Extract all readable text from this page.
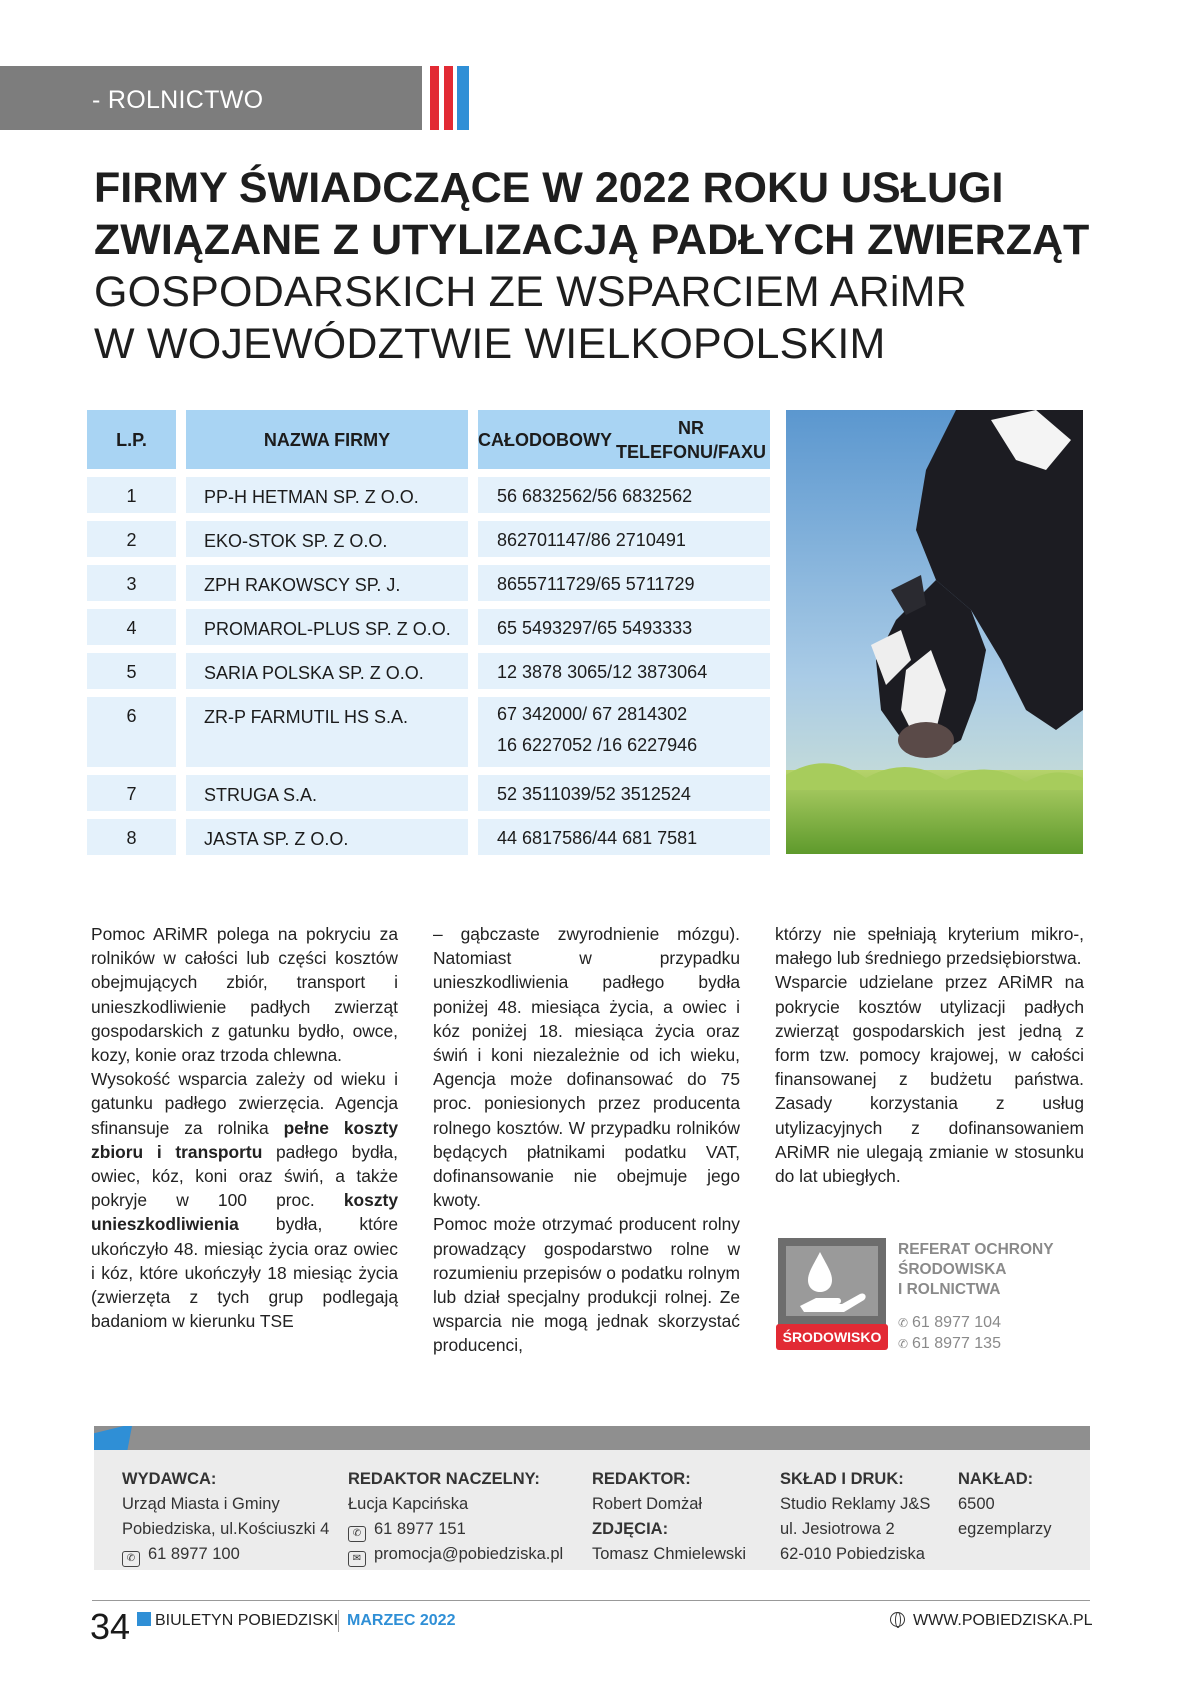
- ROLNICTWO
FIRMY ŚWIADCZĄCE W 2022 ROKU USŁUGI
ZWIĄZANE Z UTYLIZACJĄ PADŁYCH ZWIERZĄT
GOSPODARSKICH ZE WSPARCIEM ARiMR
W WOJEWÓDZTWIE WIELKOPOLSKIM
L.P.	NAZWA FIRMY	CAŁODOBOWY
NR TELEFONU/FAXU
1	PP-H HETMAN SP. Z O.O.	56 6832562/56 6832562
2	EKO-STOK SP. Z O.O.	862701147/86 2710491
3	ZPH RAKOWSCY SP. J.	8655711729/65 5711729
4	PROMAROL-PLUS SP. Z O.O.	65 5493297/65 5493333
5	SARIA POLSKA SP. Z O.O.	12 3878 3065/12 3873064
6	ZR-P FARMUTIL HS S.A.	67 342000/ 67 2814302
16 6227052 /16 6227946
7	STRUGA S.A.	52 3511039/52 3512524
8	JASTA SP. Z O.O.	44 6817586/44 681 7581

Pomoc ARiMR polega na pokryciu za rolników w całości lub części kosztów obejmujących zbiór, transport i unieszkodliwienie padłych zwierząt gospodarskich z gatunku bydło, owce, kozy, konie oraz trzoda chlewna.

Wysokość wsparcia zależy od wieku i gatunku padłego zwierzęcia. Agencja sfinansuje za rolnika pełne koszty zbioru i transportu padłego bydła, owiec, kóz, koni oraz świń, a także pokryje w 100 proc. koszty unieszkodliwienia bydła, które ukończyło 48. miesiąc życia oraz owiec i kóz, które ukończyły 18 miesiąc życia (zwierzęta z tych grup podlegają badaniom w kierunku TSE

– gąbczaste zwyrodnienie mózgu). Natomiast w przypadku unieszkodliwienia padłego bydła poniżej 48. miesiąca życia, a owiec i kóz poniżej 18. miesiąca życia oraz świń i koni niezależnie od ich wieku, Agencja może dofinansować do 75 proc. poniesionych przez producenta rolnego kosztów. W przypadku rolników będących płatnikami podatku VAT, dofinansowanie nie obejmuje jego kwoty.

Pomoc może otrzymać producent rolny prowadzący gospodarstwo rolne w rozumieniu przepisów o podatku rolnym lub dział specjalny produkcji rolnej. Ze wsparcia nie mogą jednak skorzystać producenci,

którzy nie spełniają kryterium mikro-, małego lub średniego przedsiębiorstwa.

Wsparcie udzielane przez ARiMR na pokrycie kosztów utylizacji padłych zwierząt gospodarskich jest jedną z form tzw. pomocy krajowej, w całości finansowanej z budżetu państwa. Zasady korzystania z usług utylizacyjnych z dofinansowaniem ARiMR nie ulegają zmianie w stosunku do lat ubiegłych.

ŚRODOWISKO
REFERAT OCHRONY
ŚRODOWISKA
I ROLNICTWA
✆ 61 8977 104
✆ 61 8977 135
WYDAWCA:
Urząd Miasta i Gminy
Pobiedziska, ul.Kościuszki 4
✆ 61 8977 100
REDAKTOR NACZELNY:
Łucja Kapcińska
✆ 61 8977 151
✉ promocja@pobiedziska.pl
REDAKTOR:
Robert Domżał
ZDJĘCIA:
Tomasz Chmielewski
SKŁAD I DRUK:
Studio Reklamy J&S
ul. Jesiotrowa 2
62-010 Pobiedziska
NAKŁAD:
6500
egzemplarzy
34 BIULETYN POBIEDZISKI MARZEC 2022	WWW.POBIEDZISKA.PL
